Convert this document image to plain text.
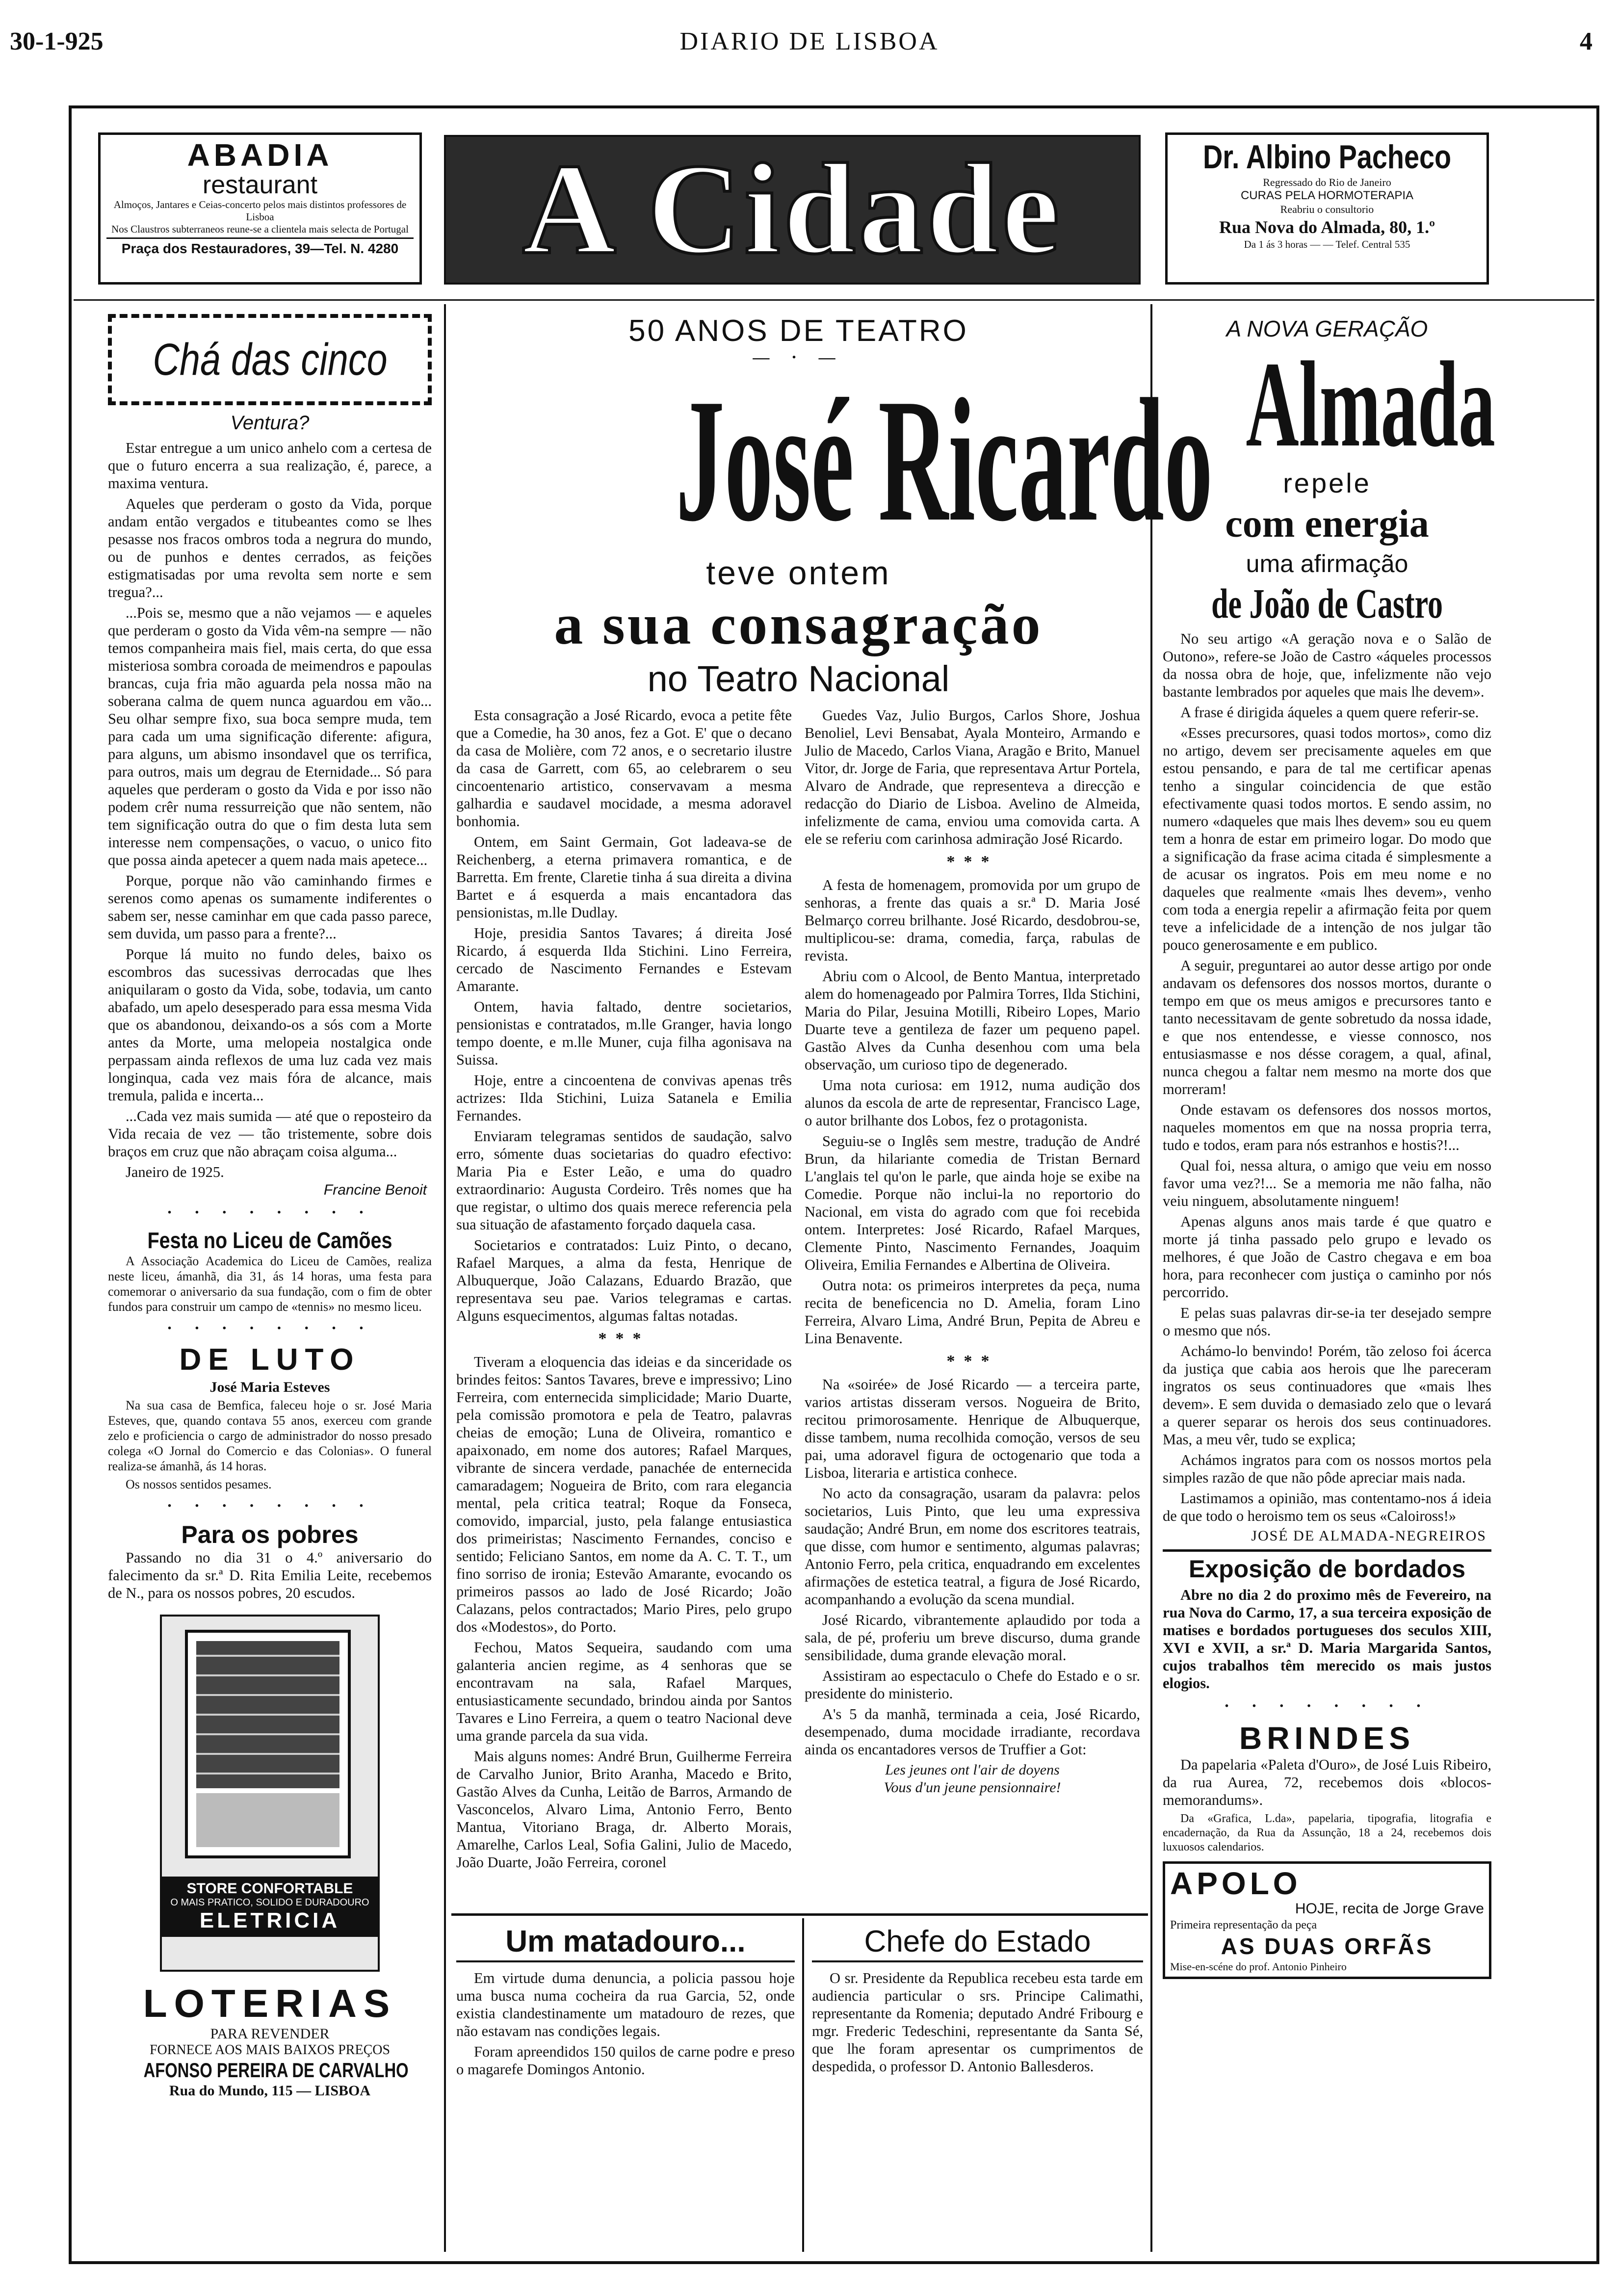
30-1-925	DIARIO DE LISBOA	4
ABADIA
restaurant
Almoços, Jantares e Ceias-concerto pelos mais distintos professores de Lisboa
Nos Claustros subterraneos reune-se a clientela mais selecta de Portugal
Praça dos Restauradores, 39—Tel. N. 4280 A Cidade	Dr. Albino Pacheco
Regressado do Rio de Janeiro
CURAS PELA HORMOTERAPIA
Reabriu o consultorio
Rua Nova do Almada, 80, 1.º
Da 1 ás 3 horas — — Telef. Central 535
Chá das cinco
Ventura?

Estar entregue a um unico anhelo com a certesa de que o futuro encerra a sua realização, é, parece, a maxima ventura.

Aqueles que perderam o gosto da Vida, porque andam então vergados e titubeantes como se lhes pesasse nos fracos ombros toda a negrura do mundo, ou de punhos e dentes cerrados, as feições estigmatisadas por uma revolta sem norte e sem tregua?...

...Pois se, mesmo que a não vejamos — e aqueles que perderam o gosto da Vida vêm-na sempre — não temos companheira mais fiel, mais certa, do que essa misteriosa sombra coroada de meimendros e papoulas brancas, cuja fria mão aguarda pela nossa mão na soberana calma de quem nunca aguardou em vão... Seu olhar sempre fixo, sua boca sempre muda, tem para cada um uma significação diferente: afigura, para alguns, um abismo insondavel que os terrifica, para outros, mais um degrau de Eternidade... Só para aqueles que perderam o gosto da Vida e por isso não podem crêr numa ressurreição que não sentem, não tem significação outra do que o fim desta luta sem interesse nem compensações, o vacuo, o unico fito que possa ainda apetecer a quem nada mais apetece...

Porque, porque não vão caminhando firmes e serenos como apenas os sumamente indiferentes o sabem ser, nesse caminhar em que cada passo parece, sem duvida, um passo para a frente?...

Porque lá muito no fundo deles, baixo os escombros das sucessivas derrocadas que lhes aniquilaram o gosto da Vida, sobe, todavia, um canto abafado, um apelo desesperado para essa mesma Vida que os abandonou, deixando-os a sós com a Morte antes da Morte, uma melopeia nostalgica onde perpassam ainda reflexos de uma luz cada vez mais longinqua, cada vez mais fóra de alcance, mais tremula, palida e incerta...

...Cada vez mais sumida — até que o reposteiro da Vida recaia de vez — tão tristemente, sobre dois braços em cruz que não abraçam coisa alguma...

Janeiro de 1925.

Francine Benoit
· · · · · · · ·
Festa no Liceu de Camões

A Associação Academica do Liceu de Camões, realiza neste liceu, ámanhã, dia 31, ás 14 horas, uma festa para comemorar o aniversario da sua fundação, com o fim de obter fundos para construir um campo de «tennis» no mesmo liceu.

· · · · · · · ·
DE LUTO
José Maria Esteves

Na sua casa de Bemfica, faleceu hoje o sr. José Maria Esteves, que, quando contava 55 anos, exerceu com grande zelo e proficiencia o cargo de administrador do nosso presado colega «O Jornal do Comercio e das Colonias». O funeral realiza-se ámanhã, ás 14 horas.

Os nossos sentidos pesames.

· · · · · · · ·
Para os pobres

Passando no dia 31 o 4.º aniversario do falecimento da sr.ª D. Rita Emilia Leite, recebemos de N., para os nossos pobres, 20 escudos.

STORE CONFORTABLE
O MAIS PRATICO, SOLIDO E DURADOURO
ELETRICIA
LOTERIAS
PARA REVENDER
FORNECE AOS MAIS BAIXOS PREÇOS
AFONSO PEREIRA DE CARVALHO
Rua do Mundo, 115 — LISBOA
50 ANOS DE TEATRO
— · —
José Ricardo
teve ontem
a sua consagração
no Teatro Nacional

Esta consagração a José Ricardo, evoca a petite fête que a Comedie, ha 30 anos, fez a Got. E' que o decano da casa de Molière, com 72 anos, e o secretario ilustre da casa de Garrett, com 65, ao celebrarem o seu cincoentenario artistico, conservavam a mesma galhardia e saudavel mocidade, a mesma adoravel bonhomia.

Ontem, em Saint Germain, Got ladeava-se de Reichenberg, a eterna primavera romantica, e de Barretta. Em frente, Claretie tinha á sua direita a divina Bartet e á esquerda a mais encantadora das pensionistas, m.lle Dudlay.

Hoje, presidia Santos Tavares; á direita José Ricardo, á esquerda Ilda Stichini. Lino Ferreira, cercado de Nascimento Fernandes e Estevam Amarante.

Ontem, havia faltado, dentre societarios, pensionistas e contratados, m.lle Granger, havia longo tempo doente, e m.lle Muner, cuja filha agonisava na Suissa.

Hoje, entre a cincoentena de convivas apenas três actrizes: Ilda Stichini, Luiza Satanela e Emilia Fernandes.

Enviaram telegramas sentidos de saudação, salvo erro, sómente duas societarias do quadro efectivo: Maria Pia e Ester Leão, e uma do quadro extraordinario: Augusta Cordeiro. Três nomes que ha que registar, o ultimo dos quais merece referencia pela sua situação de afastamento forçado daquela casa.

Societarios e contratados: Luiz Pinto, o decano, Rafael Marques, a alma da festa, Henrique de Albuquerque, João Calazans, Eduardo Brazão, que representava seu pae. Varios telegramas e cartas. Alguns esquecimentos, algumas faltas notadas.

***

Tiveram a eloquencia das ideias e da sinceridade os brindes feitos: Santos Tavares, breve e impressivo; Lino Ferreira, com enternecida simplicidade; Mario Duarte, pela comissão promotora e pela de Teatro, palavras cheias de emoção; Luna de Oliveira, romantico e apaixonado, em nome dos autores; Rafael Marques, vibrante de sincera verdade, panachée de enternecida camaradagem; Nogueira de Brito, com rara elegancia mental, pela critica teatral; Roque da Fonseca, comovido, imparcial, justo, pela falange entusiastica dos primeiristas; Nascimento Fernandes, conciso e sentido; Feliciano Santos, em nome da A. C. T. T., um fino sorriso de ironia; Estevão Amarante, evocando os primeiros passos ao lado de José Ricardo; João Calazans, pelos contractados; Mario Pires, pelo grupo dos «Modestos», do Porto.

Fechou, Matos Sequeira, saudando com uma galanteria ancien regime, as 4 senhoras que se encontravam na sala, Rafael Marques, entusiasticamente secundado, brindou ainda por Santos Tavares e Lino Ferreira, a quem o teatro Nacional deve uma grande parcela da sua vida.

Mais alguns nomes: André Brun, Guilherme Ferreira de Carvalho Junior, Brito Aranha, Macedo e Brito, Gastão Alves da Cunha, Leitão de Barros, Armando de Vasconcelos, Alvaro Lima, Antonio Ferro, Bento Mantua, Vitoriano Braga, dr. Alberto Morais, Amarelhe, Carlos Leal, Sofia Galini, Julio de Macedo, João Duarte, João Ferreira, coronel

Guedes Vaz, Julio Burgos, Carlos Shore, Joshua Benoliel, Levi Bensabat, Ayala Monteiro, Armando e Julio de Macedo, Carlos Viana, Aragão e Brito, Manuel Vitor, dr. Jorge de Faria, que representava Artur Portela, Alvaro de Andrade, que representeva a direcção e redacção do Diario de Lisboa. Avelino de Almeida, infelizmente de cama, enviou uma comovida carta. A ele se referiu com carinhosa admiração José Ricardo.

***

A festa de homenagem, promovida por um grupo de senhoras, a frente das quais a sr.ª D. Maria José Belmarço correu brilhante. José Ricardo, desdobrou-se, multiplicou-se: drama, comedia, farça, rabulas de revista.

Abriu com o Alcool, de Bento Mantua, interpretado alem do homenageado por Palmira Torres, Ilda Stichini, Maria do Pilar, Jesuina Motilli, Ribeiro Lopes, Mario Duarte teve a gentileza de fazer um pequeno papel. Gastão Alves da Cunha desenhou com uma bela observação, um curioso tipo de degenerado.

Uma nota curiosa: em 1912, numa audição dos alunos da escola de arte de representar, Francisco Lage, o autor brilhante dos Lobos, fez o protagonista.

Seguiu-se o Inglês sem mestre, tradução de André Brun, da hilariante comedia de Tristan Bernard L'anglais tel qu'on le parle, que ainda hoje se exibe na Comedie. Porque não inclui-la no reportorio do Nacional, em vista do agrado com que foi recebida ontem. Interpretes: José Ricardo, Rafael Marques, Clemente Pinto, Nascimento Fernandes, Joaquim Oliveira, Emilia Fernandes e Albertina de Oliveira.

Outra nota: os primeiros interpretes da peça, numa recita de beneficencia no D. Amelia, foram Lino Ferreira, Alvaro Lima, André Brun, Pepita de Abreu e Lina Benavente.

***

Na «soirée» de José Ricardo — a terceira parte, varios artistas disseram versos. Nogueira de Brito, recitou primorosamente. Henrique de Albuquerque, disse tambem, numa recolhida comoção, versos de seu pai, uma adoravel figura de octogenario que toda a Lisboa, literaria e artistica conhece.

No acto da consagração, usaram da palavra: pelos societarios, Luis Pinto, que leu uma expressiva saudação; André Brun, em nome dos escritores teatrais, que disse, com humor e sentimento, algumas palavras; Antonio Ferro, pela critica, enquadrando em excelentes afirmações de estetica teatral, a figura de José Ricardo, acompanhando a evolução da scena mundial.

José Ricardo, vibrantemente aplaudido por toda a sala, de pé, proferiu um breve discurso, duma grande sensibilidade, duma grande elevação moral.

Assistiram ao espectaculo o Chefe do Estado e o sr. presidente do ministerio.

A's 5 da manhã, terminada a ceia, José Ricardo, desempenado, duma mocidade irradiante, recordava ainda os encantadores versos de Truffier a Got:

Les jeunes ont l'air de doyens
Vous d'un jeune pensionnaire!
Um matadouro...

Em virtude duma denuncia, a policia passou hoje uma busca numa cocheira da rua Garcia, 52, onde existia clandestinamente um matadouro de rezes, que não estavam nas condições legais.

Foram apreendidos 150 quilos de carne podre e preso o magarefe Domingos Antonio.

Chefe do Estado

O sr. Presidente da Republica recebeu esta tarde em audiencia particular o srs. Principe Calimathi, representante da Romenia; deputado André Fribourg e mgr. Frederic Tedeschini, representante da Santa Sé, que lhe foram apresentar os cumprimentos de despedida, o professor D. Antonio Ballesderos.

A NOVA GERAÇÃO
Almada
repele
com energia
uma afirmação
de João de Castro

No seu artigo «A geração nova e o Salão de Outono», refere-se João de Castro «áqueles processos da nossa obra de hoje, que, infelizmente não vejo bastante lembrados por aqueles que mais lhe devem».

A frase é dirigida áqueles a quem quere referir-se.

«Esses precursores, quasi todos mortos», como diz no artigo, devem ser precisamente aqueles em que estou pensando, e para de tal me certificar apenas tenho a singular coincidencia de que estão efectivamente quasi todos mortos. E sendo assim, no numero «daqueles que mais lhes devem» sou eu quem tem a honra de estar em primeiro logar. Do modo que a significação da frase acima citada é simplesmente a de acusar os ingratos. Pois em meu nome e no daqueles que realmente «mais lhes devem», venho com toda a energia repelir a afirmação feita por quem teve a infelicidade de a intenção de nos julgar tão pouco generosamente e em publico.

A seguir, preguntarei ao autor desse artigo por onde andavam os defensores dos nossos mortos, durante o tempo em que os meus amigos e precursores tanto e tanto necessitavam de gente sobretudo da nossa idade, e que nos entendesse, e viesse connosco, nos entusiasmasse e nos désse coragem, a qual, afinal, nunca chegou a faltar nem mesmo na morte dos que morreram!

Onde estavam os defensores dos nossos mortos, naqueles momentos em que na nossa propria terra, tudo e todos, eram para nós estranhos e hostis?!...

Qual foi, nessa altura, o amigo que veiu em nosso favor uma vez?!... Se a memoria me não falha, não veiu ninguem, absolutamente ninguem!

Apenas alguns anos mais tarde é que quatro e morte já tinha passado pelo grupo e levado os melhores, é que João de Castro chegava e em boa hora, para reconhecer com justiça o caminho por nós percorrido.

E pelas suas palavras dir-se-ia ter desejado sempre o mesmo que nós.

Achámo-lo benvindo! Porém, tão zeloso foi ácerca da justiça que cabia aos herois que lhe pareceram ingratos os seus continuadores que «mais lhes devem». E sem duvida o demasiado zelo que o levará a querer separar os herois dos seus continuadores. Mas, a meu vêr, tudo se explica;

Achámos ingratos para com os nossos mortos pela simples razão de que não pôde apreciar mais nada.

Lastimamos a opinião, mas contentamo-nos á ideia de que todo o heroismo tem os seus «Caloiross!»

JOSÉ DE ALMADA-NEGREIROS
Exposição de bordados

Abre no dia 2 do proximo mês de Fevereiro, na rua Nova do Carmo, 17, a sua terceira exposição de matises e bordados portugueses dos seculos XIII, XVI e XVII, a sr.ª D. Maria Margarida Santos, cujos trabalhos têm merecido os mais justos elogios.

· · · · · · · ·
BRINDES

Da papelaria «Paleta d'Ouro», de José Luis Ribeiro, da rua Aurea, 72, recebemos dois «blocos-memorandums».

Da «Grafica, L.da», papelaria, tipografia, litografia e encadernação, da Rua da Assunção, 18 a 24, recebemos dois luxuosos calendarios.

APOLO
HOJE, recita de Jorge Grave
Primeira representação da peça
AS DUAS ORFÃS
Mise-en-scéne do prof. Antonio Pinheiro
